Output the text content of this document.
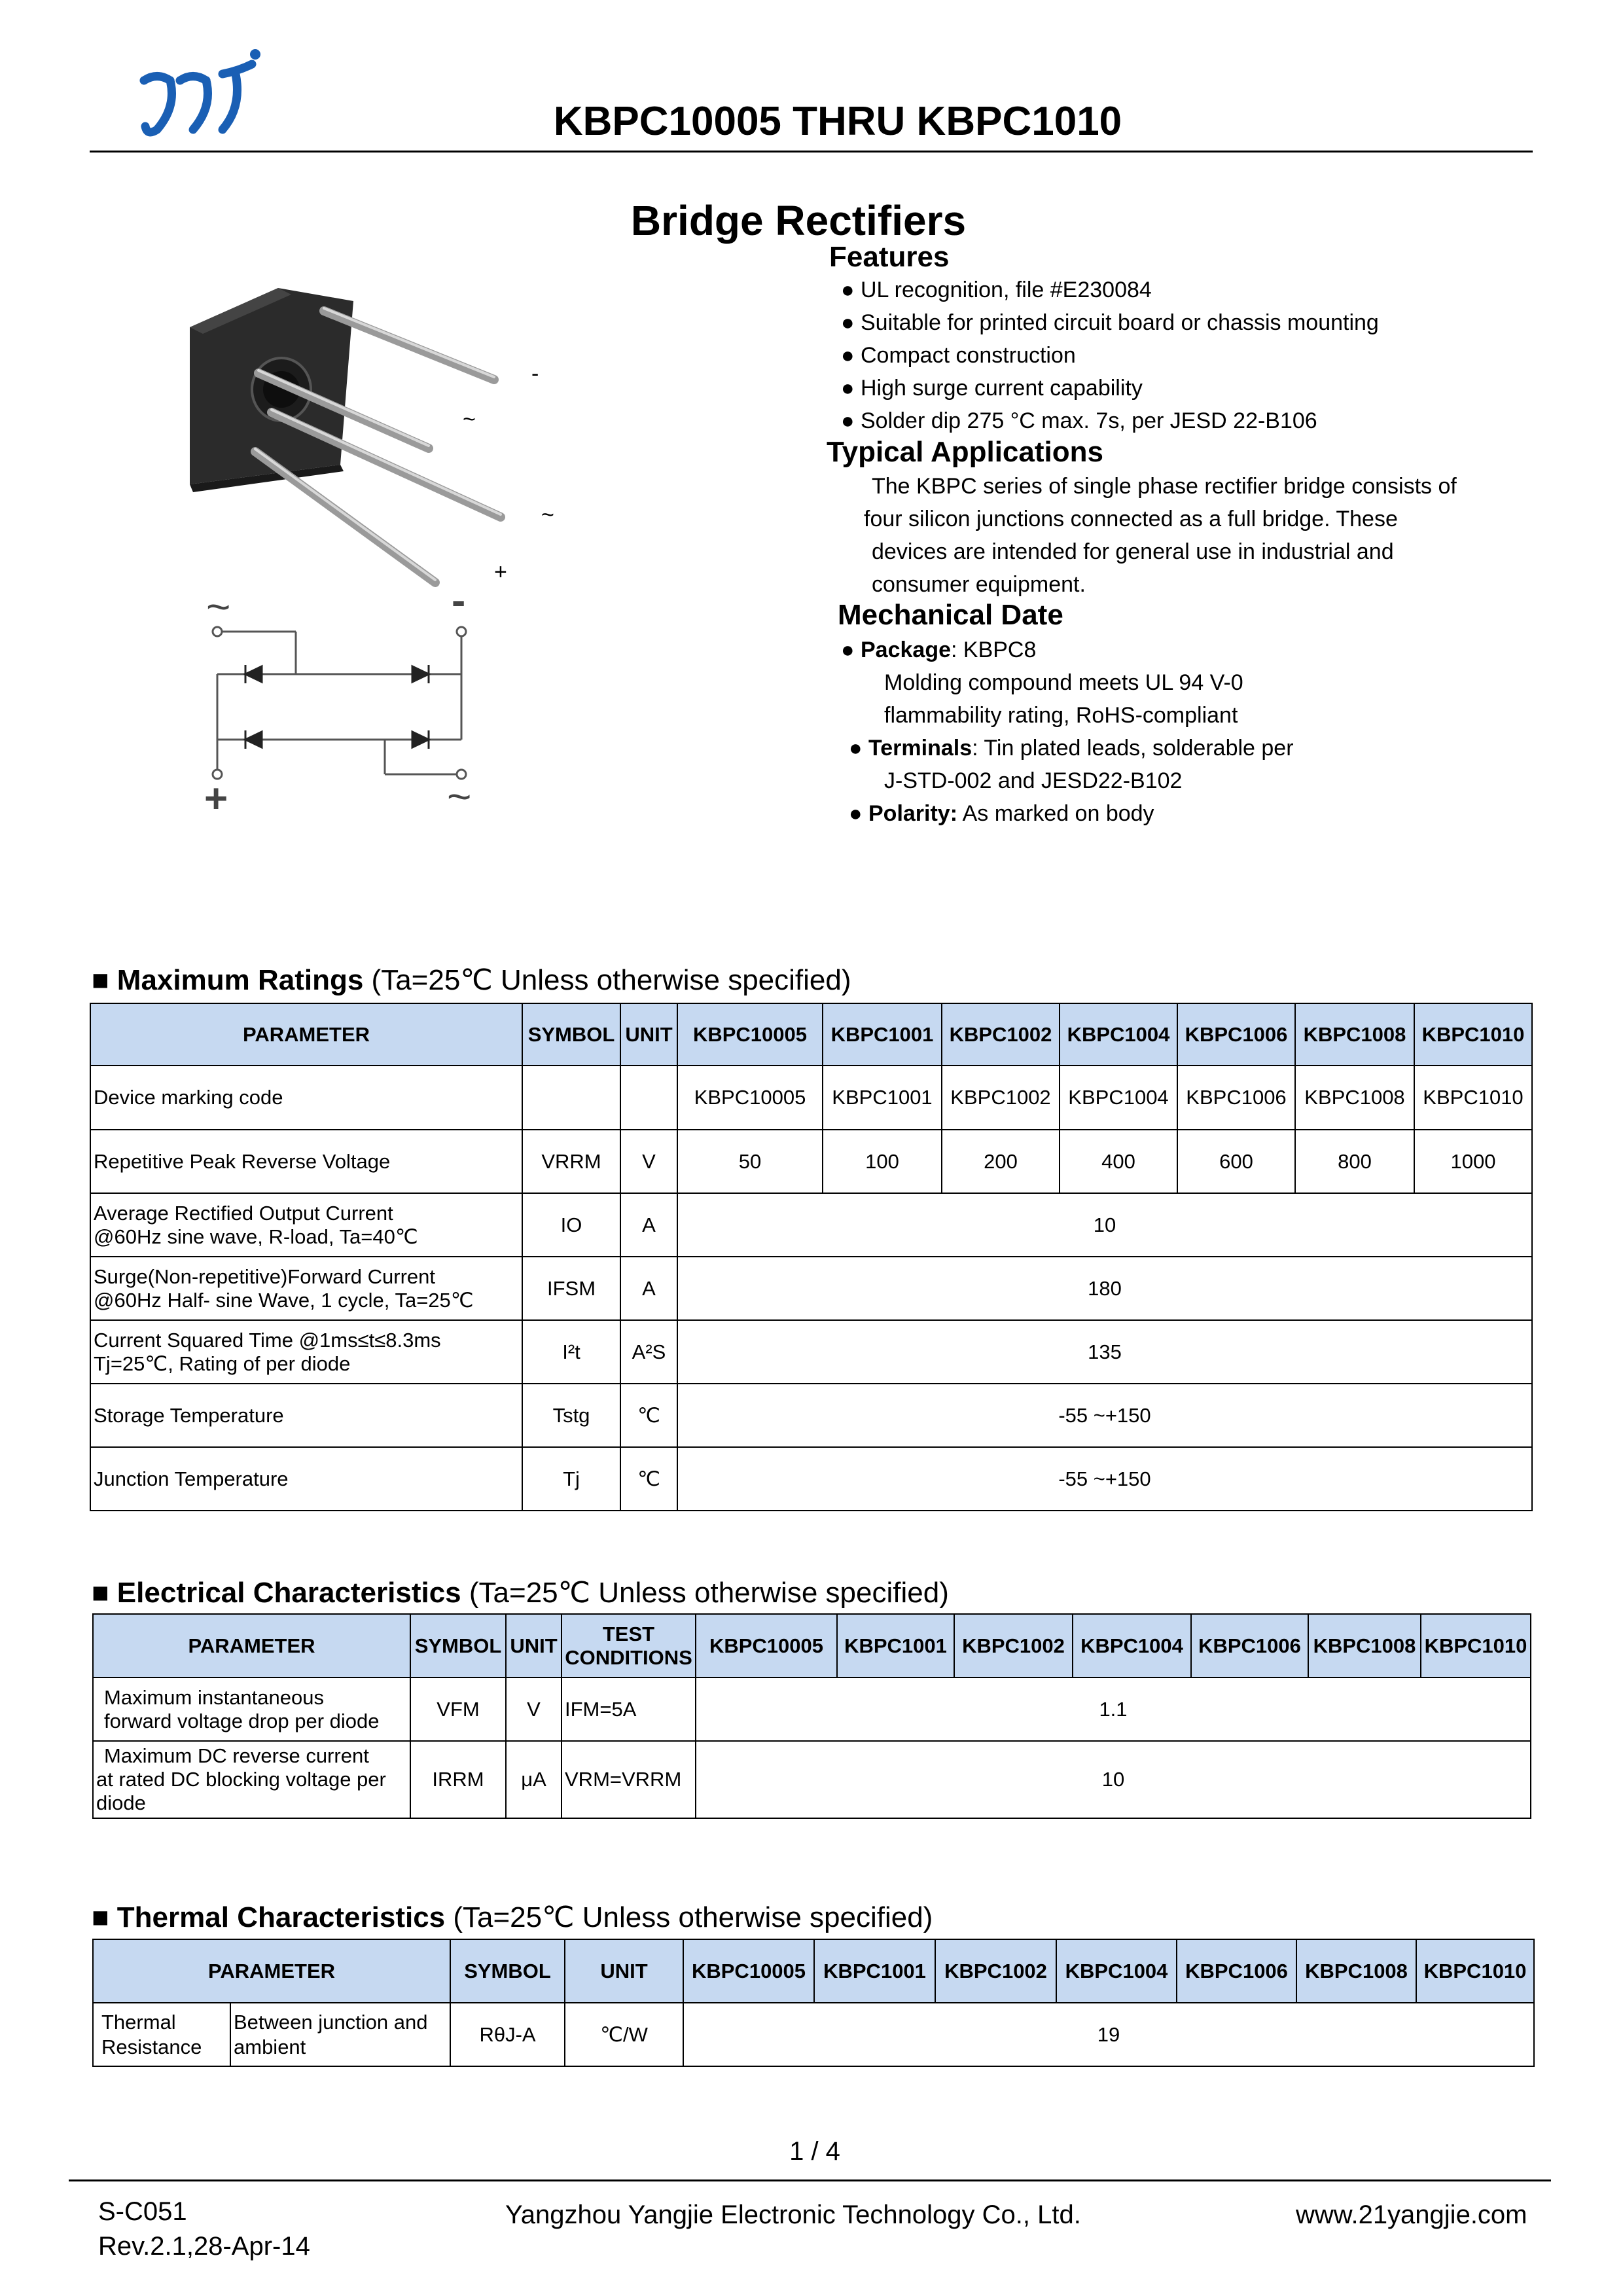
KBPC10005 THRU KBPC1010
Bridge Rectifiers
-
~
~
+
~	-
+	~
Features
● UL recognition, file #E230084
● Suitable for printed circuit board or chassis mounting
● Compact construction
● High surge current capability
● Solder dip 275 °C max. 7s, per JESD 22-B106
Typical Applications
The KBPC series of single phase rectifier bridge consists of
four silicon junctions connected as a full bridge. These
devices are intended for general use in industrial and
consumer equipment.
Mechanical Date
● Package: KBPC8
Molding compound meets UL 94 V-0
flammability rating, RoHS-compliant
● Terminals: Tin plated leads, solderable per
J-STD-002 and JESD22-B102
● Polarity: As marked on body
■ Maximum Ratings (Ta=25℃ Unless otherwise specified)
PARAMETER	SYMBOL	UNIT	KBPC10005	KBPC1001	KBPC1002	KBPC1004	KBPC1006	KBPC1008	KBPC1010
Device marking code			KBPC10005	KBPC1001	KBPC1002	KBPC1004	KBPC1006	KBPC1008	KBPC1010
Repetitive Peak Reverse Voltage	VRRM	V	50	100	200	400	600	800	1000

Average Rectified Output Current
@60Hz sine wave, R-load, Ta=40℃	IO	A	10						

Surge(Non-repetitive)Forward Current
@60Hz Half- sine Wave, 1 cycle, Ta=25℃	IFSM	A	180						

Current Squared Time @1ms≤t≤8.3ms
Tj=25℃, Rating of per diode	I²t	A²S	135						
Storage Temperature	Tstg	℃	-55 ~+150						
Junction Temperature	Tj	℃	-55 ~+150						
■ Electrical Characteristics (Ta=25℃ Unless otherwise specified)
PARAMETER	SYMBOL	UNIT	TEST CONDITIONS	KBPC10005	KBPC1001	KBPC1002	KBPC1004	KBPC1006	KBPC1008	KBPC1010

Maximum instantaneous
forward voltage drop per diode	VFM	V	IFM=5A	1.1						

Maximum DC reverse current
at rated DC blocking voltage per
diode	IRRM	μA	VRM=VRRM	10						
■ Thermal Characteristics (Ta=25℃ Unless otherwise specified)
PARAMETER		SYMBOL	UNIT	KBPC10005	KBPC1001	KBPC1002	KBPC1004	KBPC1006	KBPC1008	KBPC1010
Thermal Resistance	Between junction and ambient	RθJ-A	℃/W	19						
1 / 4
S-C051
Rev.2.1,28-Apr-14
Yangzhou Yangjie Electronic Technology Co., Ltd.	www.21yangjie.com
